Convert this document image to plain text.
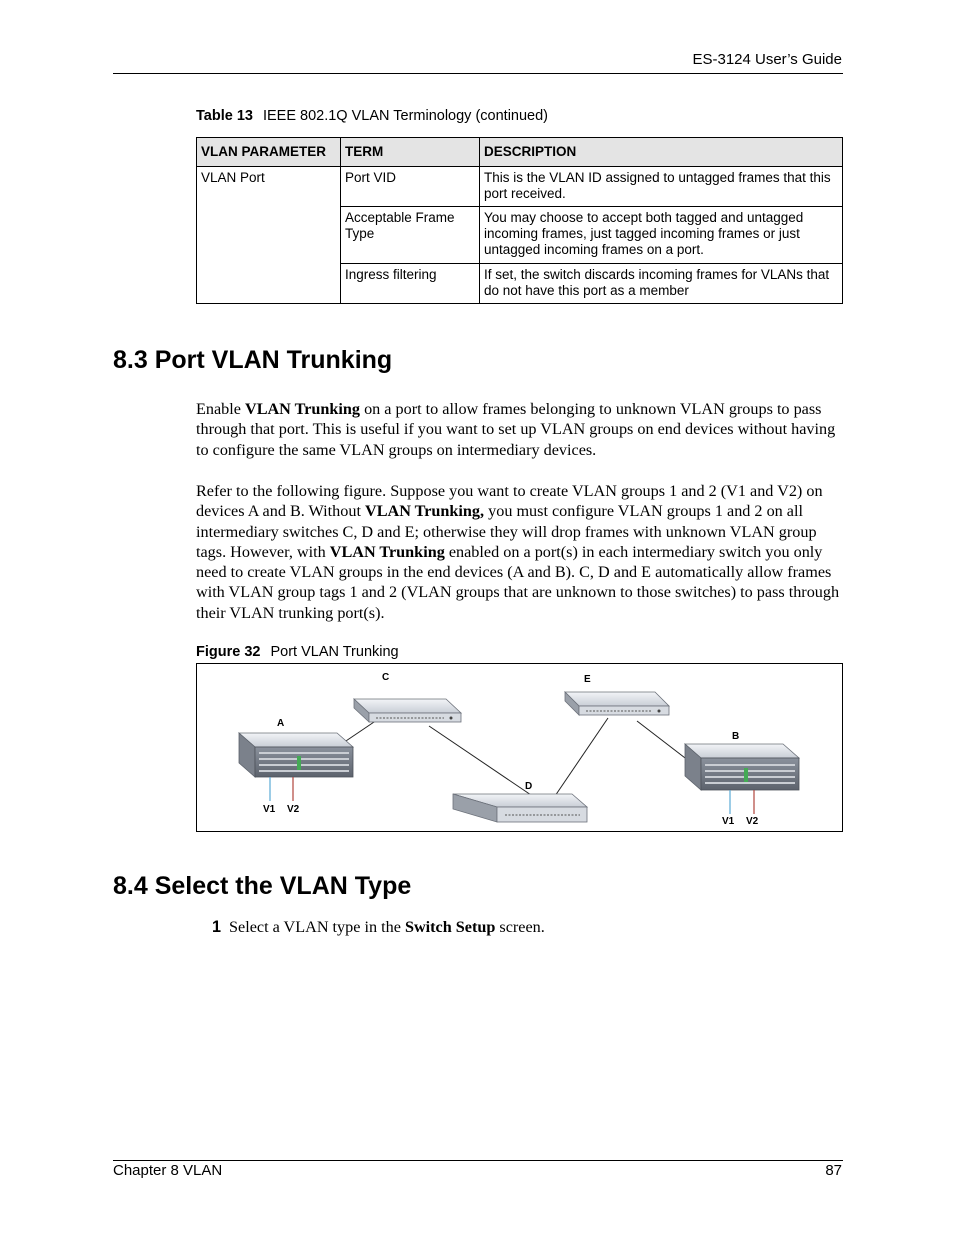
ES-3124 User’s Guide
Table 13 IEEE 802.1Q VLAN Terminology (continued)
VLAN PARAMETER	TERM	DESCRIPTION
VLAN Port	Port VID	This is the VLAN ID assigned to untagged frames that this port received.
	Acceptable Frame Type	You may choose to accept both tagged and untagged incoming frames, just tagged incoming frames or just untagged incoming frames on a port.
	Ingress filtering	If set, the switch discards incoming frames for VLANs that do not have this port as a member
8.3 Port VLAN Trunking

Enable VLAN Trunking on a port to allow frames belonging to unknown VLAN groups to pass through that port. This is useful if you want to set up VLAN groups on end devices without having to configure the same VLAN groups on intermediary devices.

Refer to the following figure. Suppose you want to create VLAN groups 1 and 2 (V1 and V2) on devices A and B. Without VLAN Trunking, you must configure VLAN groups 1 and 2 on all intermediary switches C, D and E; otherwise they will drop frames with unknown VLAN group tags. However, with VLAN Trunking enabled on a port(s) in each intermediary switch you only need to create VLAN groups in the end devices (A and B). C, D and E automatically allow frames with VLAN group tags 1 and 2 (VLAN groups that are unknown to those switches) to pass through their VLAN trunking port(s).

Figure 32 Port VLAN Trunking
A
B
C
D
E
V1 V2
V1 V2
8.4 Select the VLAN Type
1 Select a VLAN type in the Switch Setup screen.
Chapter 8 VLAN	87
